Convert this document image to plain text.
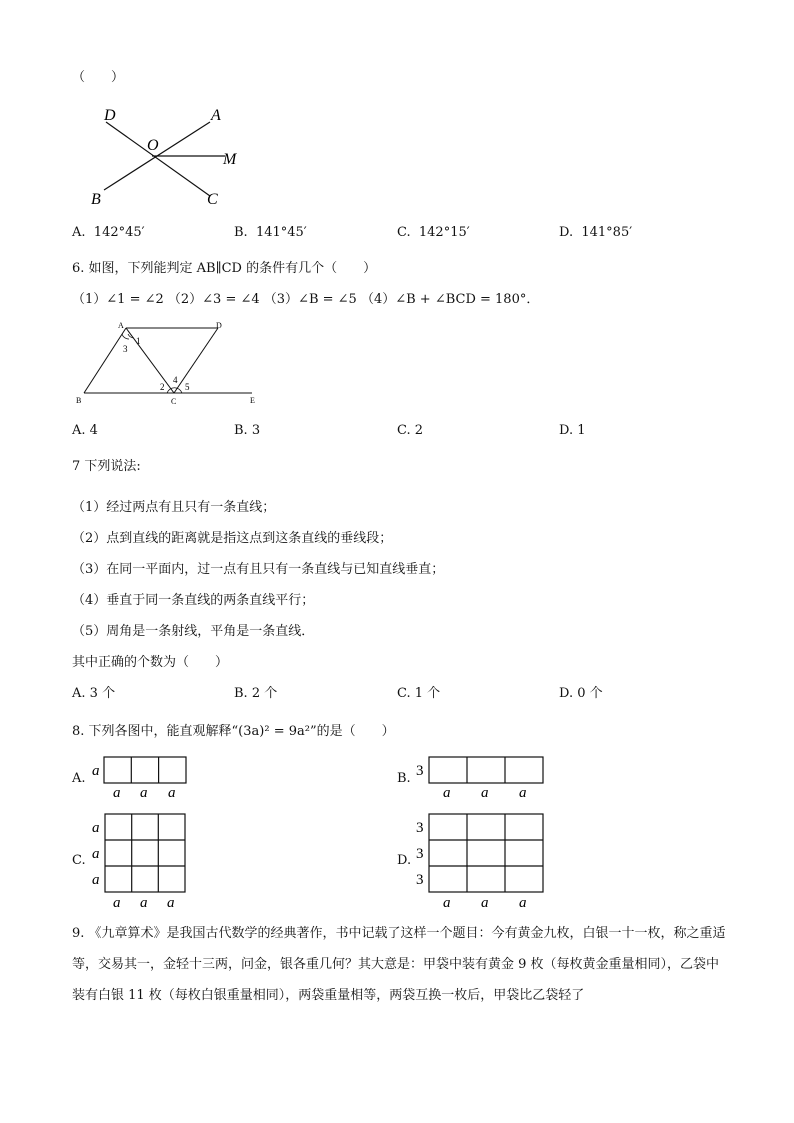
（　　）
D	A
O
M
B	C
A. 142°45′	B. 141°45′	C. 142°15′	D. 141°85′
6. 如图，下列能判定 AB∥CD 的条件有几个（　　）
（1）∠1 = ∠2 （2）∠3 = ∠4 （3）∠B = ∠5 （4）∠B + ∠BCD = 180°．
A	D
B	C	E
1
3
2
4
5
A. 4	B. 3	C. 2	D. 1
7 下列说法:
（1）经过两点有且只有一条直线；
（2）点到直线的距离就是指这点到这条直线的垂线段；
（3）在同一平面内，过一点有且只有一条直线与已知直线垂直；
（4）垂直于同一条直线的两条直线平行；
（5）周角是一条射线，平角是一条直线．
其中正确的个数为（　　）
A. 3 个	B. 2 个	C. 1 个	D. 0 个
8. 下列各图中，能直观解释“(3a)² = 9a²”的是（　　）
A. a
a a a
B. 3
a a a
C.
a
a
a
a a a
D.
3
3
3
a a a
9. 《九章算术》是我国古代数学的经典著作，书中记载了这样一个题目：今有黄金九枚，白银一十一枚，称之重适等，交易其一，金轻十三两，问金，银各重几何？其大意是：甲袋中装有黄金 9 枚（每枚黄金重量相同），乙袋中装有白银 11 枚（每枚白银重量相同），两袋重量相等，两袋互换一枚后，甲袋比乙袋轻了
